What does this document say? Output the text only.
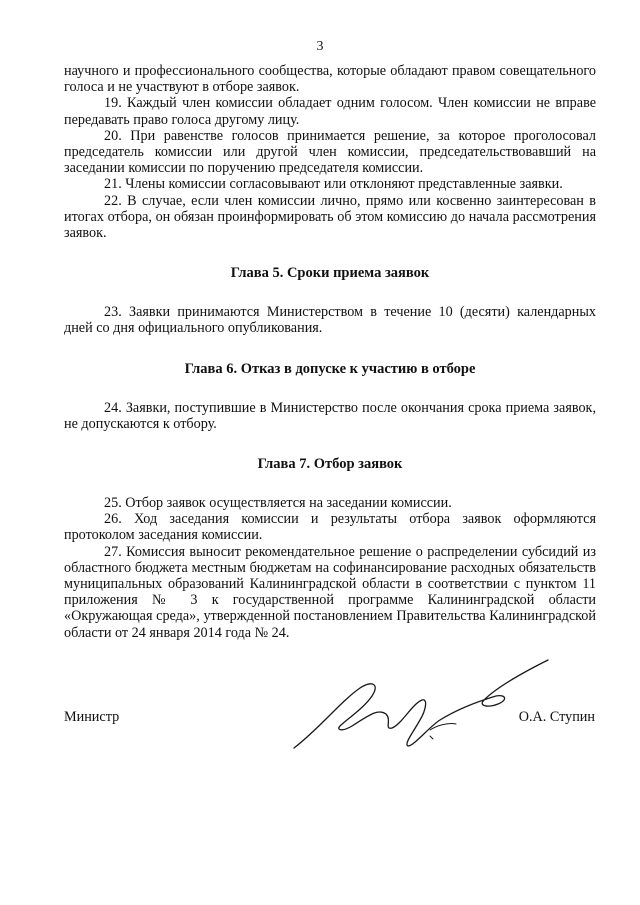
3

научного и профессионального сообщества, которые обладают правом совещательного голоса и не участвуют в отборе заявок.

19. Каждый член комиссии обладает одним голосом. Член комиссии не вправе передавать право голоса другому лицу.

20. При равенстве голосов принимается решение, за которое проголосовал председатель комиссии или другой член комиссии, председательствовавший на заседании комиссии по поручению председателя комиссии.

21. Члены комиссии согласовывают или отклоняют представленные заявки.

22. В случае, если член комиссии лично, прямо или косвенно заинтересован в итогах отбора, он обязан проинформировать об этом комиссию до начала рассмотрения заявок.

Глава 5. Сроки приема заявок

23. Заявки принимаются Министерством в течение 10 (десяти) календарных дней со дня официального опубликования.

Глава 6. Отказ в допуске к участию в отборе

24. Заявки, поступившие в Министерство после окончания срока приема заявок, не допускаются к отбору.

Глава 7. Отбор заявок

25. Отбор заявок осуществляется на заседании комиссии.

26. Ход заседания комиссии и результаты отбора заявок оформляются протоколом заседания комиссии.

27. Комиссия выносит рекомендательное решение о распределении субсидий из областного бюджета местным бюджетам на софинансирование расходных обязательств муниципальных образований Калининградской области в соответствии с пунктом 11 приложения № 3 к государственной программе Калининградской области «Окружающая среда», утвержденной постановлением Правительства Калининградской области от 24 января 2014 года № 24.

Министр	О.А. Ступин
